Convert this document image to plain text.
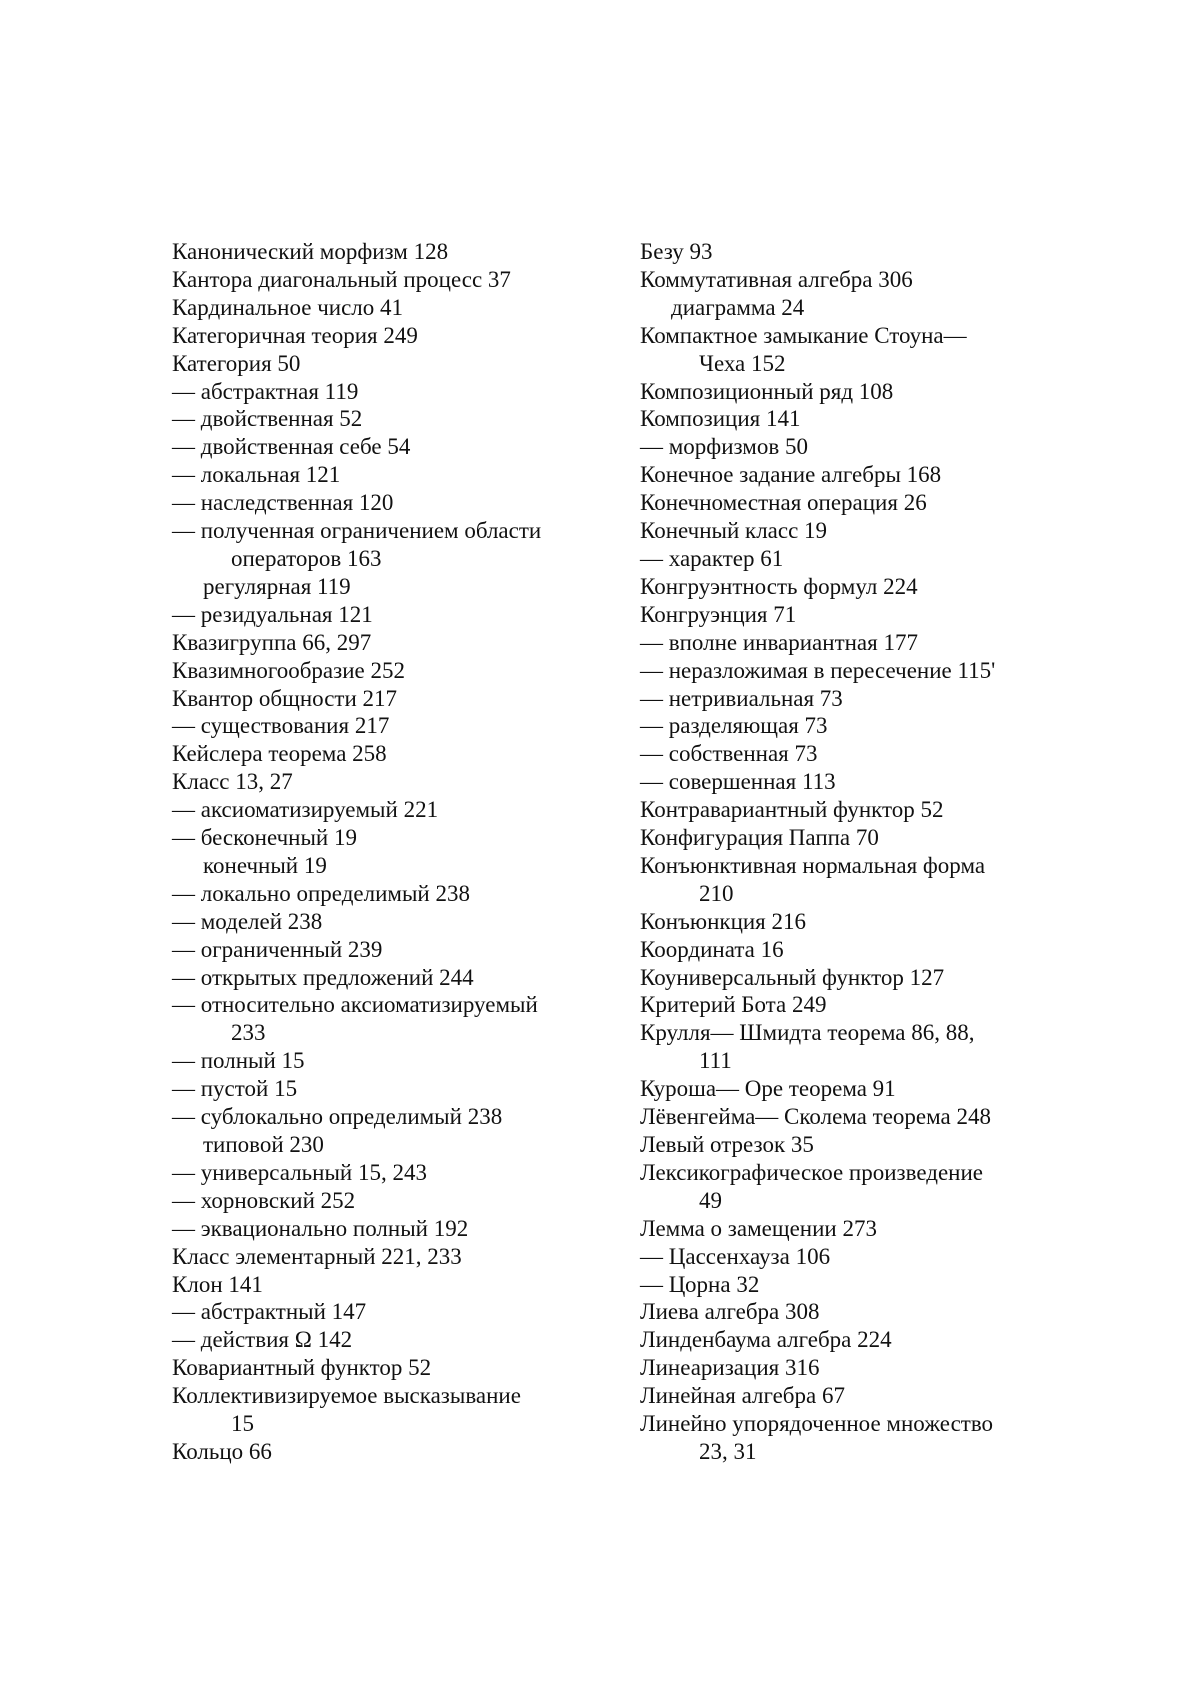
Канонический морфизм 128
Кантора диагональный процесс 37
Кардинальное число 41
Категоричная теория 249
Категория 50
— абстрактная 119
— двойственная 52
— двойственная себе 54
— локальная 121
— наследственная 120
— полученная ограничением области
операторов 163
регулярная 119
— резидуальная 121
Квазигруппа 66, 297
Квазимногообразие 252
Квантор общности 217
— существования 217
Кейслера теорема 258
Класс 13, 27
— аксиоматизируемый 221
— бесконечный 19
конечный 19
— локально определимый 238
— моделей 238
— ограниченный 239
— открытых предложений 244
— относительно аксиоматизируемый
233
— полный 15
— пустой 15
— сублокально определимый 238
типовой 230
— универсальный 15, 243
— хорновский 252
— эквационально полный 192
Класс элементарный 221, 233
Клон 141
— абстрактный 147
— действия Ω 142
Ковариантный функтор 52
Коллективизируемое высказывание
15
Кольцо 66
Безу 93
Коммутативная алгебра 306
диаграмма 24
Компактное замыкание Стоуна—
Чеха 152
Композиционный ряд 108
Композиция 141
— морфизмов 50
Конечное задание алгебры 168
Конечноместная операция 26
Конечный класс 19
— характер 61
Конгруэнтность формул 224
Конгруэнция 71
— вполне инвариантная 177
— неразложимая в пересечение 115'
— нетривиальная 73
— разделяющая 73
— собственная 73
— совершенная 113
Контравариантный функтор 52
Конфигурация Паппа 70
Конъюнктивная нормальная форма
210
Конъюнкция 216
Координата 16
Коуниверсальный функтор 127
Критерий Бота 249
Крулля— Шмидта теорема 86, 88,
111
Куроша— Оре теорема 91
Лёвенгейма— Сколема теорема 248
Левый отрезок 35
Лексикографическое произведение
49
Лемма о замещении 273
— Цассенхауза 106
— Цорна 32
Лиева алгебра 308
Линденбаума алгебра 224
Линеаризация 316
Линейная алгебра 67
Линейно упорядоченное множество
23, 31
